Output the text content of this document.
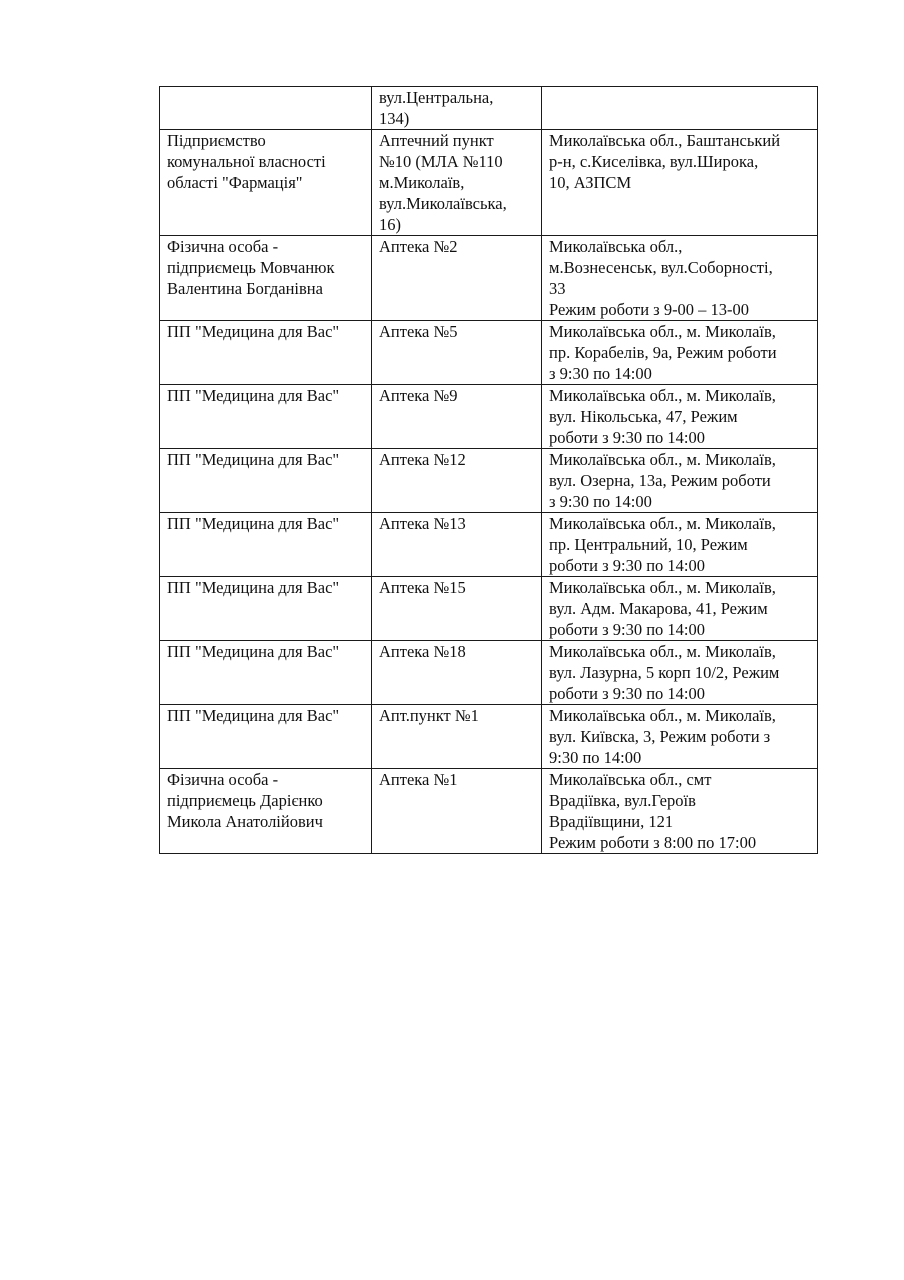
	вул.Центральна,
134)	
Підприємство
комунальної власності
області "Фармація"	Аптечний пункт
№10 (МЛА №110
м.Миколаїв,
вул.Миколаївська,
16)	Миколаївська обл., Баштанський
р-н, с.Киселівка, вул.Широка,
10, АЗПСМ
Фізична особа -
підприємець Мовчанюк
Валентина Богданівна	Аптека №2	Миколаївська обл.,
м.Вознесенськ, вул.Соборності,
33
Режим роботи з 9-00 – 13-00
ПП "Медицина для Вас"	Аптека №5	Миколаївська обл., м. Миколаїв,
пр. Корабелів, 9а, Режим роботи
з 9:30 по 14:00
ПП "Медицина для Вас"	Аптека №9	Миколаївська обл., м. Миколаїв,
вул. Нікольська, 47, Режим
роботи з 9:30 по 14:00
ПП "Медицина для Вас"	Аптека №12	Миколаївська обл., м. Миколаїв,
вул. Озерна, 13а, Режим роботи
з 9:30 по 14:00
ПП "Медицина для Вас"	Аптека №13	Миколаївська обл., м. Миколаїв,
пр. Центральний, 10, Режим
роботи з 9:30 по 14:00
ПП "Медицина для Вас"	Аптека №15	Миколаївська обл., м. Миколаїв,
вул. Адм. Макарова, 41, Режим
роботи з 9:30 по 14:00
ПП "Медицина для Вас"	Аптека №18	Миколаївська обл., м. Миколаїв,
вул. Лазурна, 5 корп 10/2, Режим
роботи з 9:30 по 14:00
ПП "Медицина для Вас"	Апт.пункт №1	Миколаївська обл., м. Миколаїв,
вул. Київска, 3, Режим роботи з
9:30 по 14:00
Фізична особа -
підприємець Дарієнко
Микола Анатолійович	Аптека №1	Миколаївська обл., смт
Врадіївка, вул.Героїв
Врадіївщини, 121
Режим роботи з 8:00 по 17:00
